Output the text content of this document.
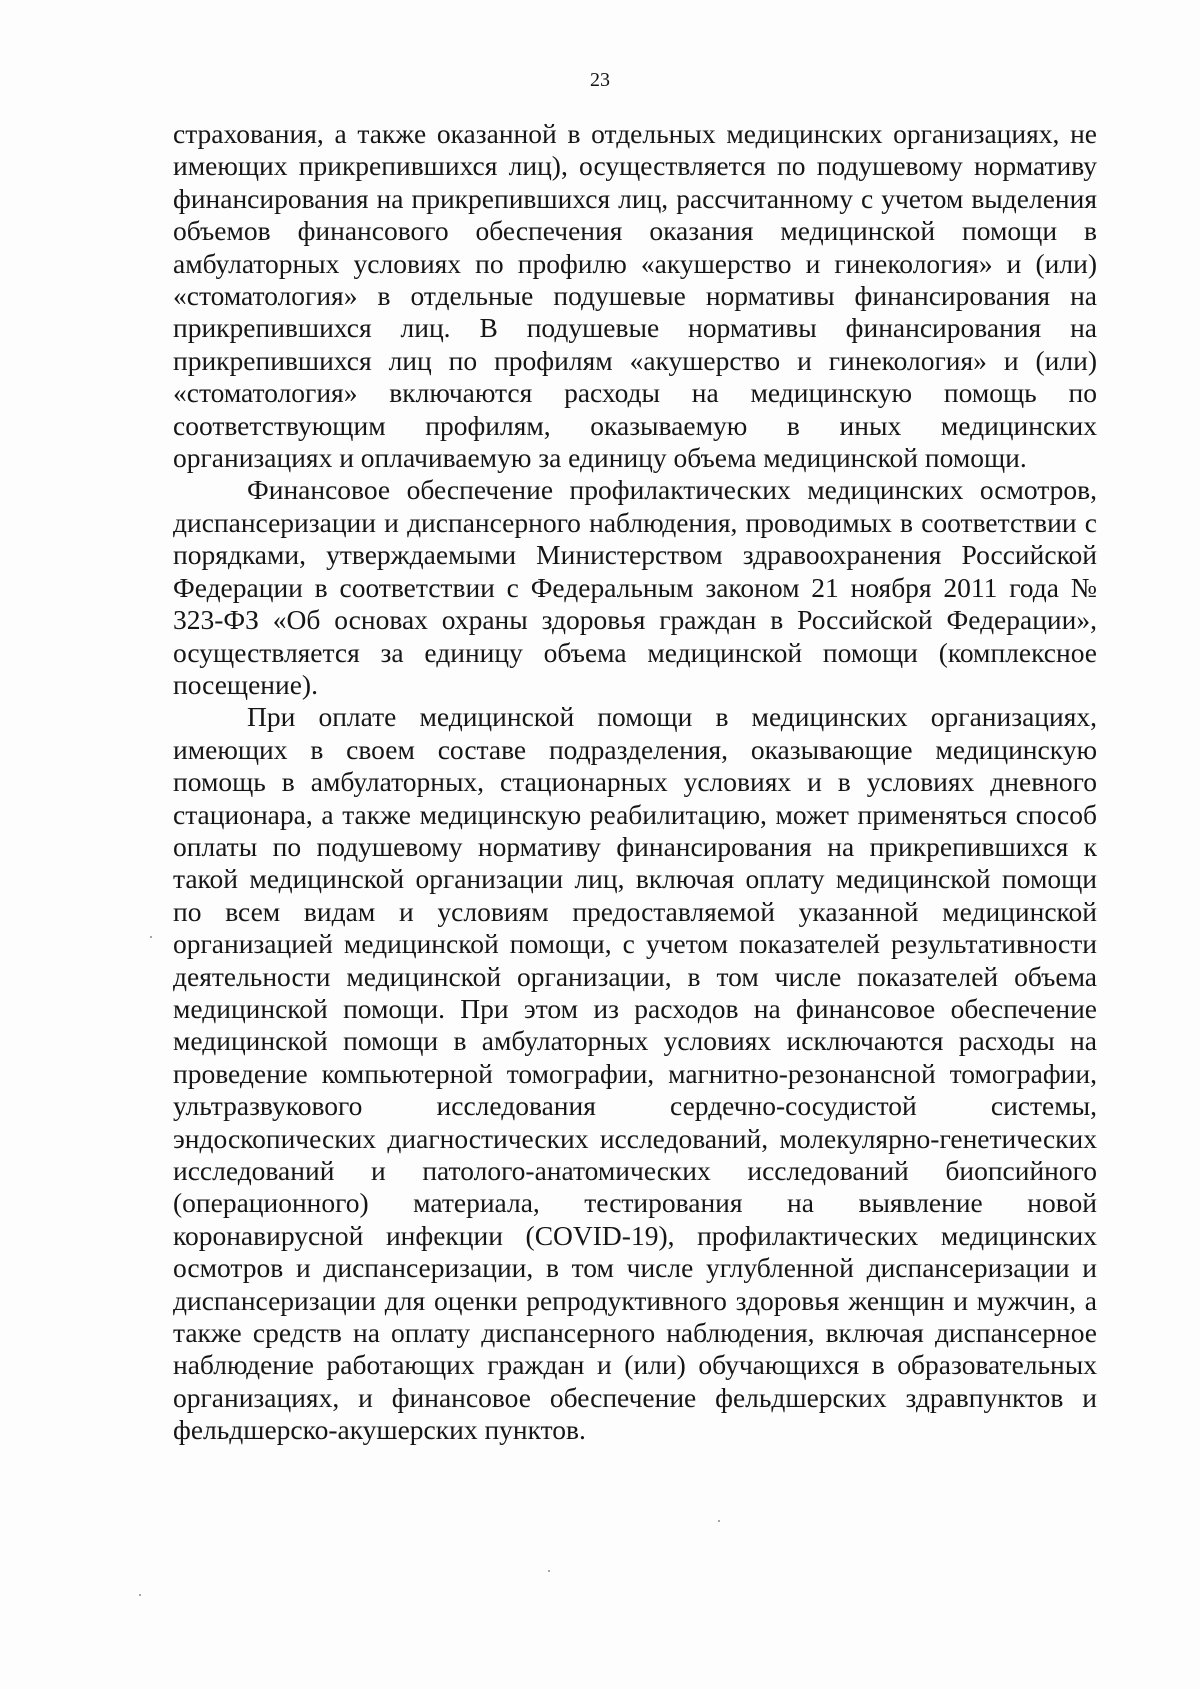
23

страхования, а также оказанной в отдельных медицинских организациях, не имеющих прикрепившихся лиц), осуществляется по подушевому нормативу финансирования на прикрепившихся лиц, рассчитанному с учетом выделения объемов финансового обеспечения оказания медицинской помощи в амбулаторных условиях по профилю «акушерство и гинекология» и (или) «стоматология» в отдельные подушевые нормативы финансирования на прикрепившихся лиц. В подушевые нормативы финансирования на прикрепившихся лиц по профилям «акушерство и гинекология» и (или) «стоматология» включаются расходы на медицинскую помощь по соответствующим профилям, оказываемую в иных медицинских организациях и оплачиваемую за единицу объема медицинской помощи.

Финансовое обеспечение профилактических медицинских осмотров, диспансеризации и диспансерного наблюдения, проводимых в соответствии с порядками, утверждаемыми Министерством здравоохранения Российской Федерации в соответствии с Федеральным законом 21 ноября 2011 года № 323-ФЗ «Об основах охраны здоровья граждан в Российской Федерации», осуществляется за единицу объема медицинской помощи (комплексное посещение).

При оплате медицинской помощи в медицинских организациях, имеющих в своем составе подразделения, оказывающие медицинскую помощь в амбулаторных, стационарных условиях и в условиях дневного стационара, а также медицинскую реабилитацию, может применяться способ оплаты по подушевому нормативу финансирования на прикрепившихся к такой медицинской организации лиц, включая оплату медицинской помощи по всем видам и условиям предоставляемой указанной медицинской организацией медицинской помощи, с учетом показателей результативности деятельности медицинской организации, в том числе показателей объема медицинской помощи. При этом из расходов на финансовое обеспечение медицинской помощи в амбулаторных условиях исключаются расходы на проведение компьютерной томографии, магнитно-резонансной томографии, ультразвукового исследования сердечно-сосудистой системы, эндоскопических диагностических исследований, молекулярно-генетических исследований и патолого-анатомических исследований биопсийного (операционного) материала, тестирования на выявление новой коронавирусной инфекции (COVID-19), профилактических медицинских осмотров и диспансеризации, в том числе углубленной диспансеризации и диспансеризации для оценки репродуктивного здоровья женщин и мужчин, а также средств на оплату диспансерного наблюдения, включая диспансерное наблюдение работающих граждан и (или) обучающихся в образовательных организациях, и финансовое обеспечение фельдшерских здравпунктов и фельдшерско-акушерских пунктов.
